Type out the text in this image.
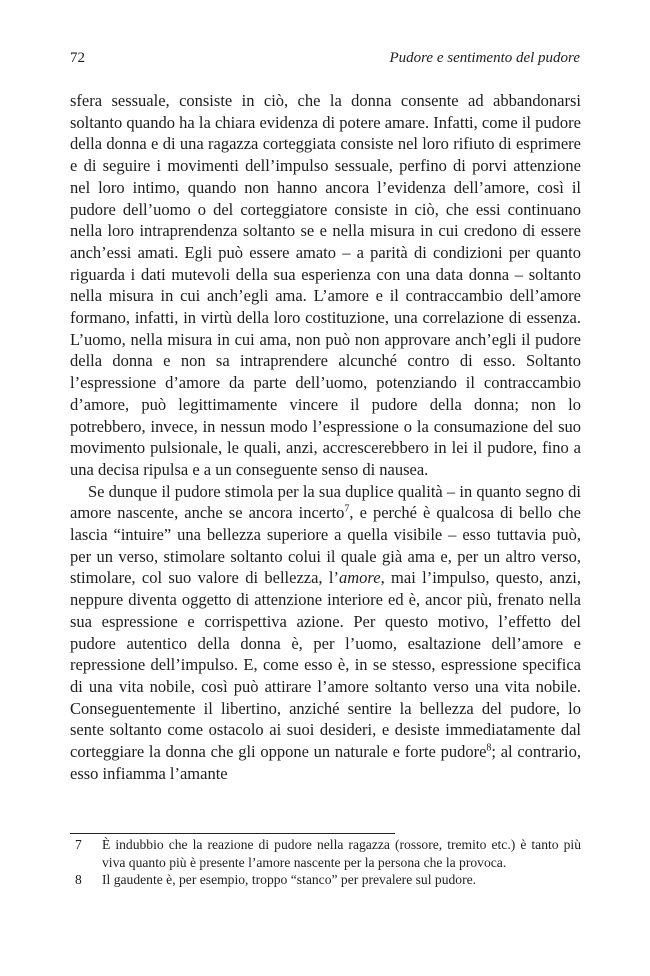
72	Pudore e sentimento del pudore

sfera sessuale, consiste in ciò, che la donna consente ad abbandonarsi soltanto quando ha la chiara evidenza di potere amare. Infatti, come il pudore della donna e di una ragazza corteggiata consiste nel loro rifiuto di esprimere e di seguire i movimenti dell’impulso sessuale, perfino di porvi attenzione nel loro intimo, quando non hanno ancora l’evidenza dell’amore, così il pudore dell’uomo o del corteggiatore consiste in ciò, che essi continuano nella loro intraprendenza soltanto se e nella misura in cui credono di essere anch’essi amati. Egli può essere amato – a parità di condizioni per quanto riguarda i dati mutevoli della sua esperienza con una data donna – soltanto nella misura in cui anch’egli ama. L’amore e il contraccambio dell’amore formano, infatti, in virtù della loro costituzione, una correlazione di essenza. L’uomo, nella misura in cui ama, non può non approvare anch’egli il pudore della donna e non sa intraprendere alcunché contro di esso. Soltanto l’espressione d’amore da parte dell’uomo, potenziando il contraccambio d’amore, può legittimamente vincere il pudore della donna; non lo potrebbero, invece, in nessun modo l’espressione o la consumazione del suo movimento pulsionale, le quali, anzi, accrescerebbero in lei il pudore, fino a una decisa ripulsa e a un conseguente senso di nausea.

Se dunque il pudore stimola per la sua duplice qualità – in quanto segno di amore nascente, anche se ancora incerto$^7$, e perché è qualcosa di bello che lascia “intuire” una bellezza superiore a quella visibile – esso tuttavia può, per un verso, stimolare soltanto colui il quale già ama e, per un altro verso, stimolare, col suo valore di bellezza, l’amore, mai l’impulso, questo, anzi, neppure diventa oggetto di attenzione interiore ed è, ancor più, frenato nella sua espressione e corrispettiva azione. Per questo motivo, l’effetto del pudore autentico della donna è, per l’uomo, esaltazione dell’amore e repressione dell’impulso. E, come esso è, in se stesso, espressione specifica di una vita nobile, così può attirare l’amore soltanto verso una vita nobile. Conseguentemente il libertino, anziché sentire la bellezza del pudore, lo sente soltanto come ostacolo ai suoi desideri, e desiste immediatamente dal corteggiare la donna che gli oppone un naturale e forte pudore$^8$; al contrario, esso infiamma l’amante

7 È indubbio che la reazione di pudore nella ragazza (rossore, tremito etc.) è tanto più viva quanto più è presente l’amore nascente per la persona che la provoca.
8 Il gaudente è, per esempio, troppo “stanco” per prevalere sul pudore.
